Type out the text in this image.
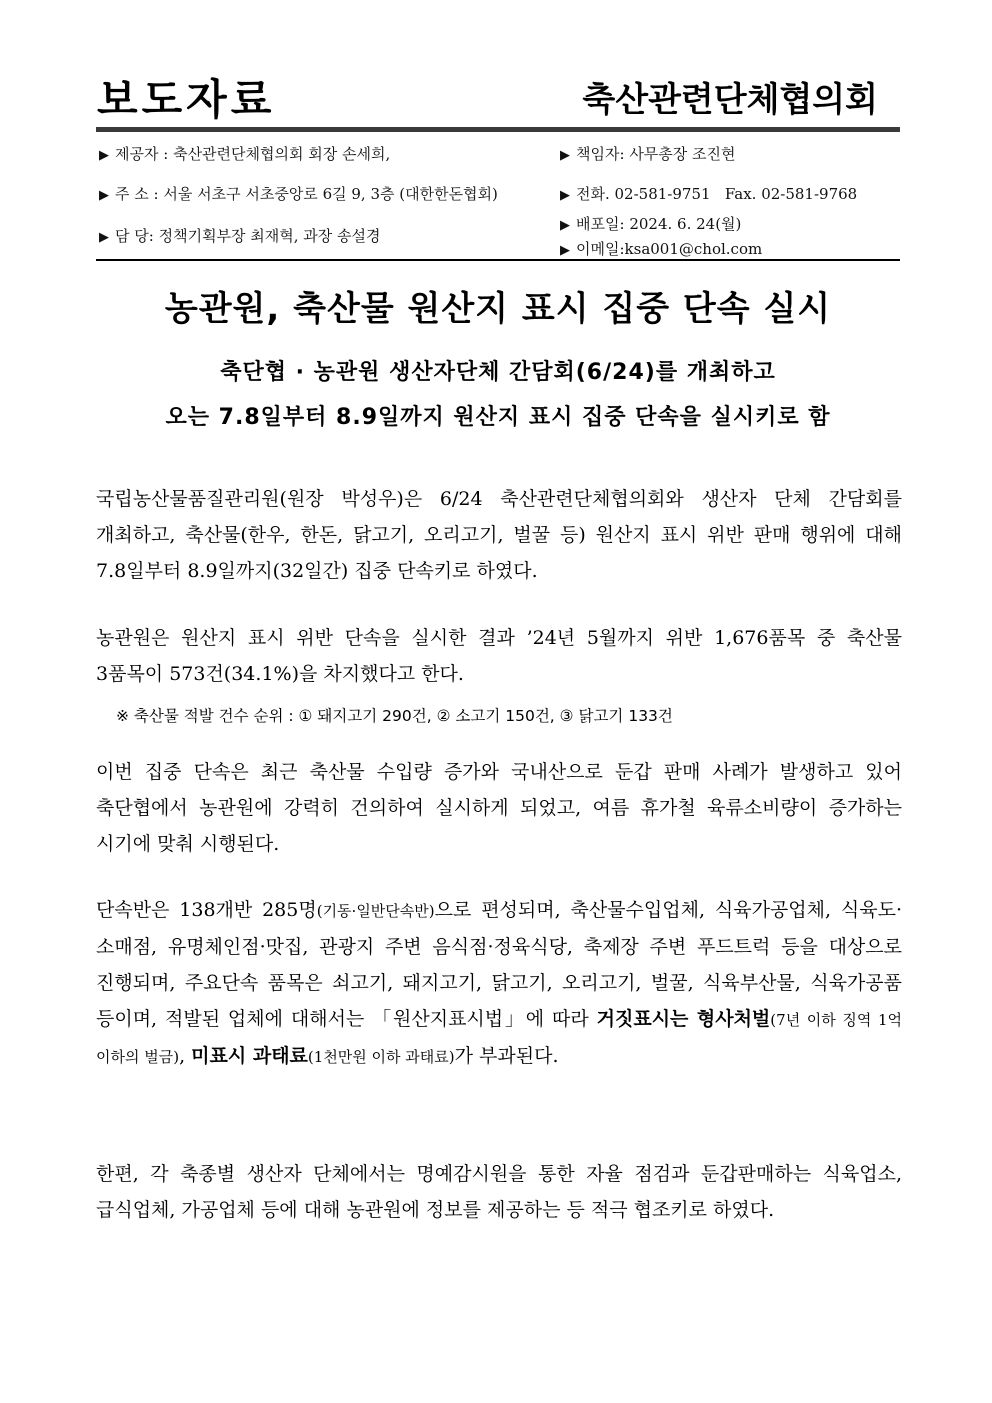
보도자료	축산관련단체협의회
▶ 제공자 : 축산관련단체협의회 회장 손세희,
▶ 주 소 : 서울 서초구 서초중앙로 6길 9, 3층 (대한한돈협회)
▶ 담 당: 정책기획부장 최재혁, 과장 송설경
▶ 책임자: 사무총장 조진현
▶ 전화. 02-581-9751 Fax. 02-581-9768
▶ 배포일: 2024. 6. 24(월)
▶ 이메일:ksa001@chol.com
농관원, 축산물 원산지 표시 집중 단속 실시
축단협 · 농관원 생산자단체 간담회(6/24)를 개최하고
오는 7.8일부터 8.9일까지 원산지 표시 집중 단속을 실시키로 함
국립농산물품질관리원(원장 박성우)은 6/24 축산관련단체협의회와 생산자 단체 간담회를 개최하고, 축산물(한우, 한돈, 닭고기, 오리고기, 벌꿀 등) 원산지 표시 위반 판매 행위에 대해 7.8일부터 8.9일까지(32일간) 집중 단속키로 하였다.
농관원은 원산지 표시 위반 단속을 실시한 결과 ’24년 5월까지 위반 1,676품목 중 축산물 3품목이 573건(34.1%)을 차지했다고 한다.
※ 축산물 적발 건수 순위 : ① 돼지고기 290건, ② 소고기 150건, ③ 닭고기 133건
이번 집중 단속은 최근 축산물 수입량 증가와 국내산으로 둔갑 판매 사례가 발생하고 있어 축단협에서 농관원에 강력히 건의하여 실시하게 되었고, 여름 휴가철 육류소비량이 증가하는 시기에 맞춰 시행된다.
단속반은 138개반 285명(기동·일반단속반)으로 편성되며, 축산물수입업체, 식육가공업체, 식육도·소매점, 유명체인점·맛집, 관광지 주변 음식점·정육식당, 축제장 주변 푸드트럭 등을 대상으로 진행되며, 주요단속 품목은 쇠고기, 돼지고기, 닭고기, 오리고기, 벌꿀, 식육부산물, 식육가공품 등이며, 적발된 업체에 대해서는 「원산지표시법」에 따라 거짓표시는 형사처벌(7년 이하 징역 1억 이하의 벌금), 미표시 과태료(1천만원 이하 과태료)가 부과된다.
한편, 각 축종별 생산자 단체에서는 명예감시원을 통한 자율 점검과 둔갑판매하는 식육업소, 급식업체, 가공업체 등에 대해 농관원에 정보를 제공하는 등 적극 협조키로 하였다.
